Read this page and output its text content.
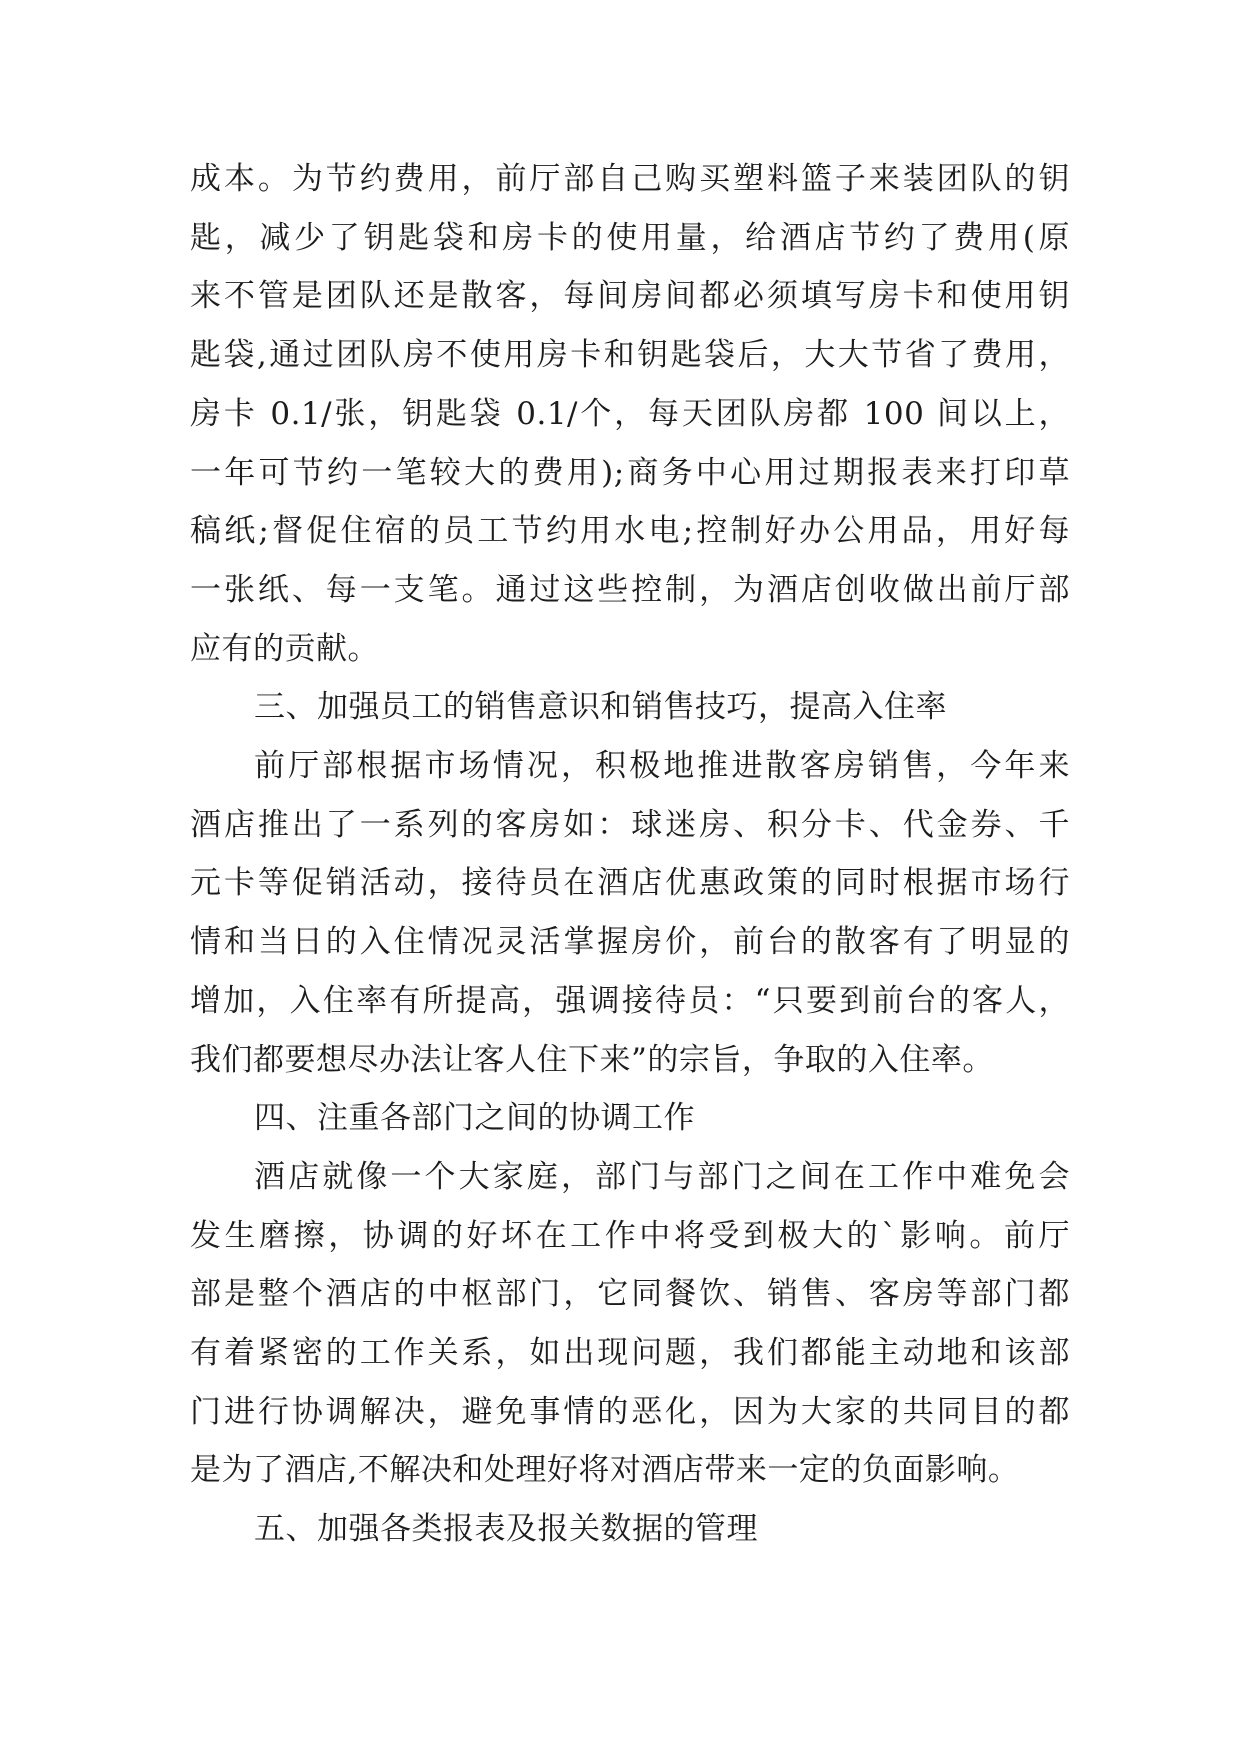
成本。为节约费用，前厅部自己购买塑料篮子来装团队的钥
匙，减少了钥匙袋和房卡的使用量，给酒店节约了费用(原
来不管是团队还是散客，每间房间都必须填写房卡和使用钥
匙袋,通过团队房不使用房卡和钥匙袋后，大大节省了费用，
房卡 0.1/张，钥匙袋 0.1/个，每天团队房都 100 间以上，
一年可节约一笔较大的费用);商务中心用过期报表来打印草
稿纸;督促住宿的员工节约用水电;控制好办公用品，用好每
一张纸、每一支笔。通过这些控制，为酒店创收做出前厅部
应有的贡献。

三、加强员工的销售意识和销售技巧，提高入住率

前厅部根据市场情况，积极地推进散客房销售，今年来
酒店推出了一系列的客房如：球迷房、积分卡、代金券、千
元卡等促销活动，接待员在酒店优惠政策的同时根据市场行
情和当日的入住情况灵活掌握房价，前台的散客有了明显的
增加，入住率有所提高，强调接待员：“只要到前台的客人，
我们都要想尽办法让客人住下来”的宗旨，争取的入住率。

四、注重各部门之间的协调工作

酒店就像一个大家庭，部门与部门之间在工作中难免会
发生磨擦，协调的好坏在工作中将受到极大的`影响。前厅
部是整个酒店的中枢部门，它同餐饮、销售、客房等部门都
有着紧密的工作关系，如出现问题，我们都能主动地和该部
门进行协调解决，避免事情的恶化，因为大家的共同目的都
是为了酒店,不解决和处理好将对酒店带来一定的负面影响。

五、加强各类报表及报关数据的管理
